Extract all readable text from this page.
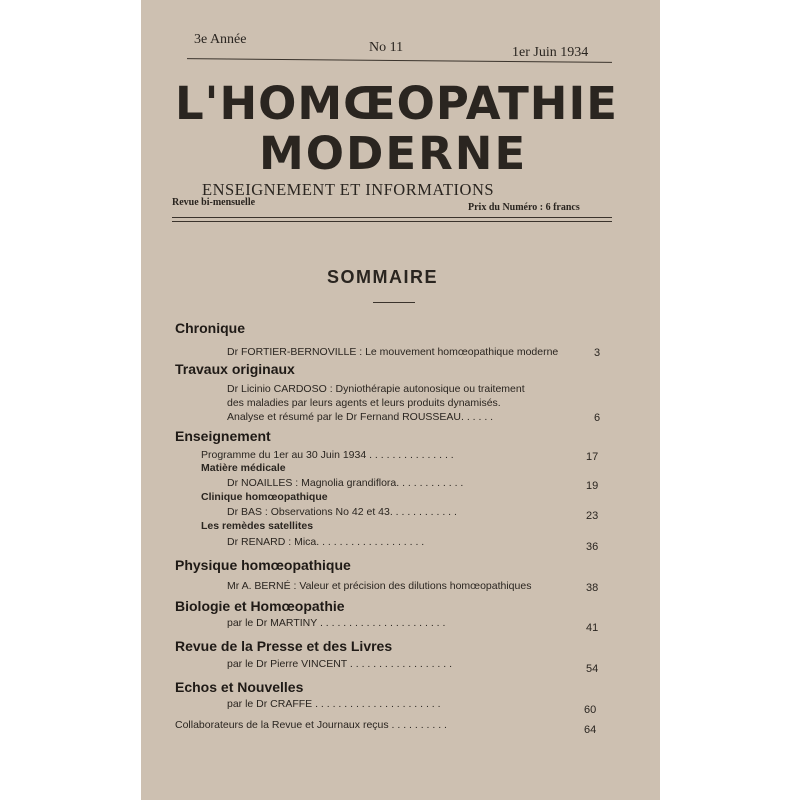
3e Année
No 11	1er Juin 1934
L'HOMŒOPATHIE
MODERNE
ENSEIGNEMENT ET INFORMATIONS
Revue bi-mensuelle	Prix du Numéro : 6 francs
SOMMAIRE
Chronique
Dr FORTIER-BERNOVILLE : Le mouvement homœopathique moderne	3
Travaux originaux
Dr Licinio CARDOSO : Dyniothérapie autonosique ou traitement
des maladies par leurs agents et leurs produits dynamisés.
Analyse et résumé par le Dr Fernand ROUSSEAU. . . . . .	6
Enseignement
Programme du 1er au 30 Juin 1934 . . . . . . . . . . . . . . .	17
Matière médicale
Dr NOAILLES : Magnolia grandiflora. . . . . . . . . . . .	19
Clinique homœopathique
Dr BAS : Observations No 42 et 43. . . . . . . . . . . .	23
Les remèdes satellites
Dr RENARD : Mica. . . . . . . . . . . . . . . . . . .	36
Physique homœopathique
Mr A. BERNÉ : Valeur et précision des dilutions homœopathiques	38
Biologie et Homœopathie
par le Dr MARTINY . . . . . . . . . . . . . . . . . . . . . .	41
Revue de la Presse et des Livres
par le Dr Pierre VINCENT . . . . . . . . . . . . . . . . . .	54
Echos et Nouvelles
par le Dr CRAFFE . . . . . . . . . . . . . . . . . . . . . .	60
Collaborateurs de la Revue et Journaux reçus . . . . . . . . . .	64
